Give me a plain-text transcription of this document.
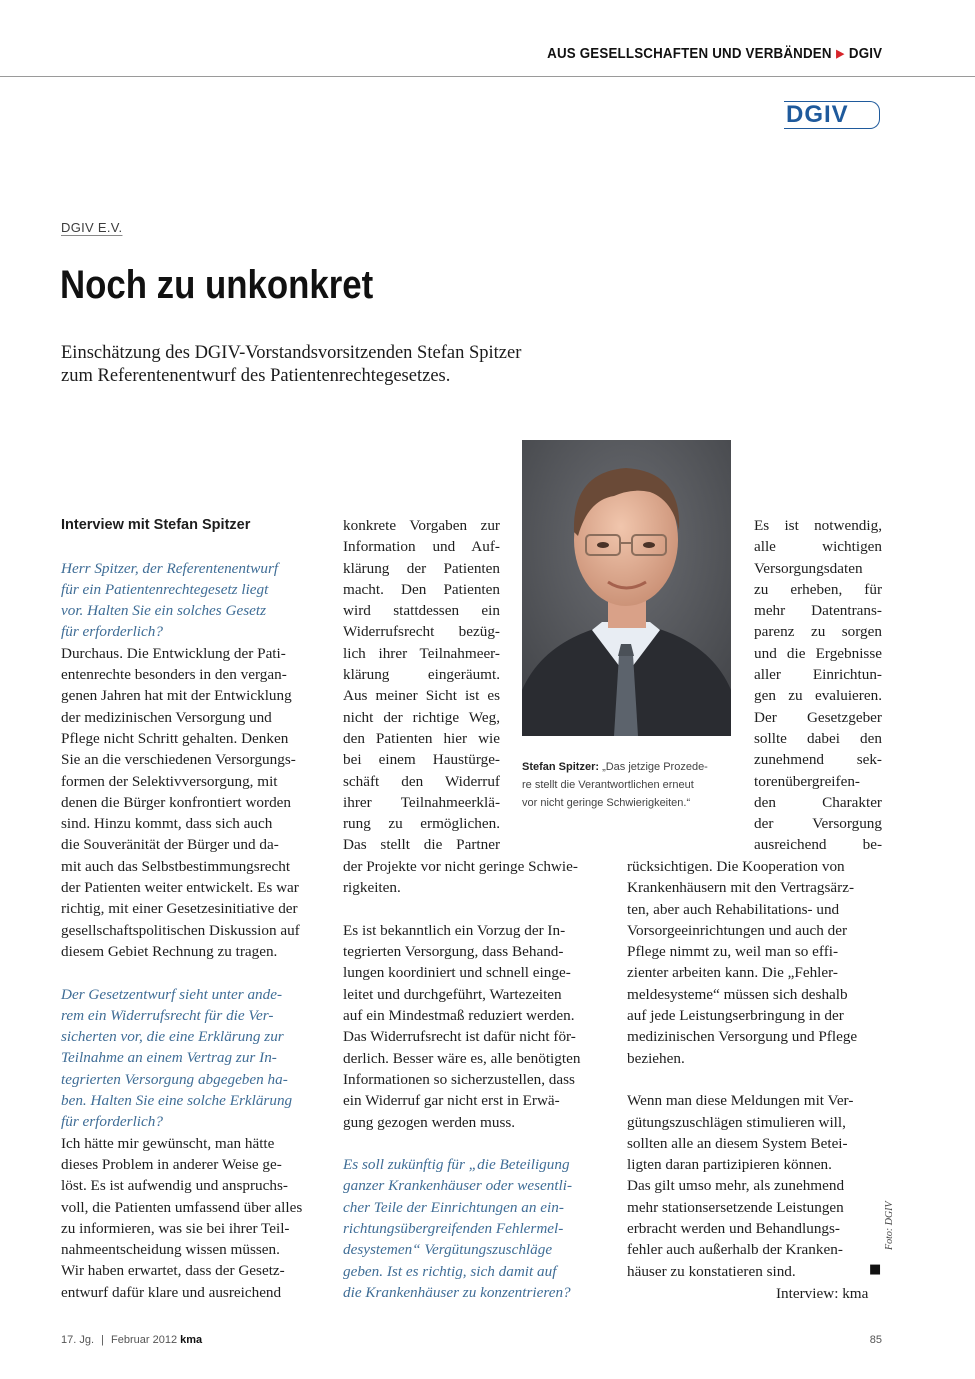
AUS GESELLSCHAFTEN UND VERBÄNDEN ▶ DGIV
DGIV
DGIV E.V.
Noch zu unkonkret

Einschätzung des DGIV-Vorstandsvorsitzenden Stefan Spitzer

zum Referentenentwurf des Patientenrechtegesetzes.

Stefan Spitzer: „Das jetzige Prozede-

re stellt die Verantwortlichen erneut

vor nicht geringe Schwierigkeiten.“

Interview mit Stefan Spitzer

Herr Spitzer, der Referentenentwurf

für ein Patientenrechtegesetz liegt

vor. Halten Sie ein solches Gesetz

für erforderlich?

Durchaus. Die Entwicklung der Pati-

entenrechte besonders in den vergan-

genen Jahren hat mit der Entwicklung

der medizinischen Versorgung und

Pflege nicht Schritt gehalten. Denken

Sie an die verschiedenen Versorgungs-

formen der Selektivversorgung, mit

denen die Bürger konfrontiert worden

sind. Hinzu kommt, dass sich auch

die Souveränität der Bürger und da-

mit auch das Selbstbestimmungsrecht

der Patienten weiter entwickelt. Es war

richtig, mit einer Gesetzesinitiative der

gesellschaftspolitischen Diskussion auf

diesem Gebiet Rechnung zu tragen.

Der Gesetzentwurf sieht unter ande-

rem ein Widerrufsrecht für die Ver-

sicherten vor, die eine Erklärung zur

Teilnahme an einem Vertrag zur In-

tegrierten Versorgung abgegeben ha-

ben. Halten Sie eine solche Erklärung

für erforderlich?

Ich hätte mir gewünscht, man hätte

dieses Problem in anderer Weise ge-

löst. Es ist aufwendig und anspruchs-

voll, die Patienten umfassend über alles

zu informieren, was sie bei ihrer Teil-

nahmeentscheidung wissen müssen.

Wir haben erwartet, dass der Gesetz-

entwurf dafür klare und ausreichend

konkrete Vorgaben zur

Information und Auf-

klärung der Patienten

macht. Den Patienten

wird stattdessen ein

Widerrufsrecht bezüg-

lich ihrer Teilnahmeer-

klärung eingeräumt.

Aus meiner Sicht ist es

nicht der richtige Weg,

den Patienten hier wie

bei einem Haustürge-

schäft den Widerruf

ihrer Teilnahmeerklä-

rung zu ermöglichen.

Das stellt die Partner

der Projekte vor nicht geringe Schwie-

rigkeiten.

Es ist bekanntlich ein Vorzug der In-

tegrierten Versorgung, dass Behand-

lungen koordiniert und schnell einge-

leitet und durchgeführt, Wartezeiten

auf ein Mindestmaß reduziert werden.

Das Widerrufsrecht ist dafür nicht för-

derlich. Besser wäre es, alle benötigten

Informationen so sicherzustellen, dass

ein Widerruf gar nicht erst in Erwä-

gung gezogen werden muss.

Es soll zukünftig für „die Beteiligung

ganzer Krankenhäuser oder wesentli-

cher Teile der Einrichtungen an ein-

richtungsübergreifenden Fehlermel-

desystemen“ Vergütungszuschläge

geben. Ist es richtig, sich damit auf

die Krankenhäuser zu konzentrieren?

Es ist notwendig,

alle wichtigen

Versorgungsdaten

zu erheben, für

mehr Datentrans-

parenz zu sorgen

und die Ergebnisse

aller Einrichtun-

gen zu evaluieren.

Der Gesetzgeber

sollte dabei den

zunehmend sek-

torenübergreifen-

den Charakter

der Versorgung

ausreichend be-

rücksichtigen. Die Kooperation von

Krankenhäusern mit den Vertragsärz-

ten, aber auch Rehabilitations- und

Vorsorgeeinrichtungen und auch der

Pflege nimmt zu, weil man so effi-

zienter arbeiten kann. Die „Fehler-

meldesysteme“ müssen sich deshalb

auf jede Leistungserbringung in der

medizinischen Versorgung und Pflege

beziehen.

Wenn man diese Meldungen mit Ver-

gütungszuschlägen stimulieren will,

sollten alle an diesem System Betei-

ligten daran partizipieren können.

Das gilt umso mehr, als zunehmend

mehr stationsersetzende Leistungen

erbracht werden und Behandlungs-

fehler auch außerhalb der Kranken-

häuser zu konstatieren sind.	■
Interview: kma
Foto: DGIV
17. Jg. | Februar 2012 kma	85
